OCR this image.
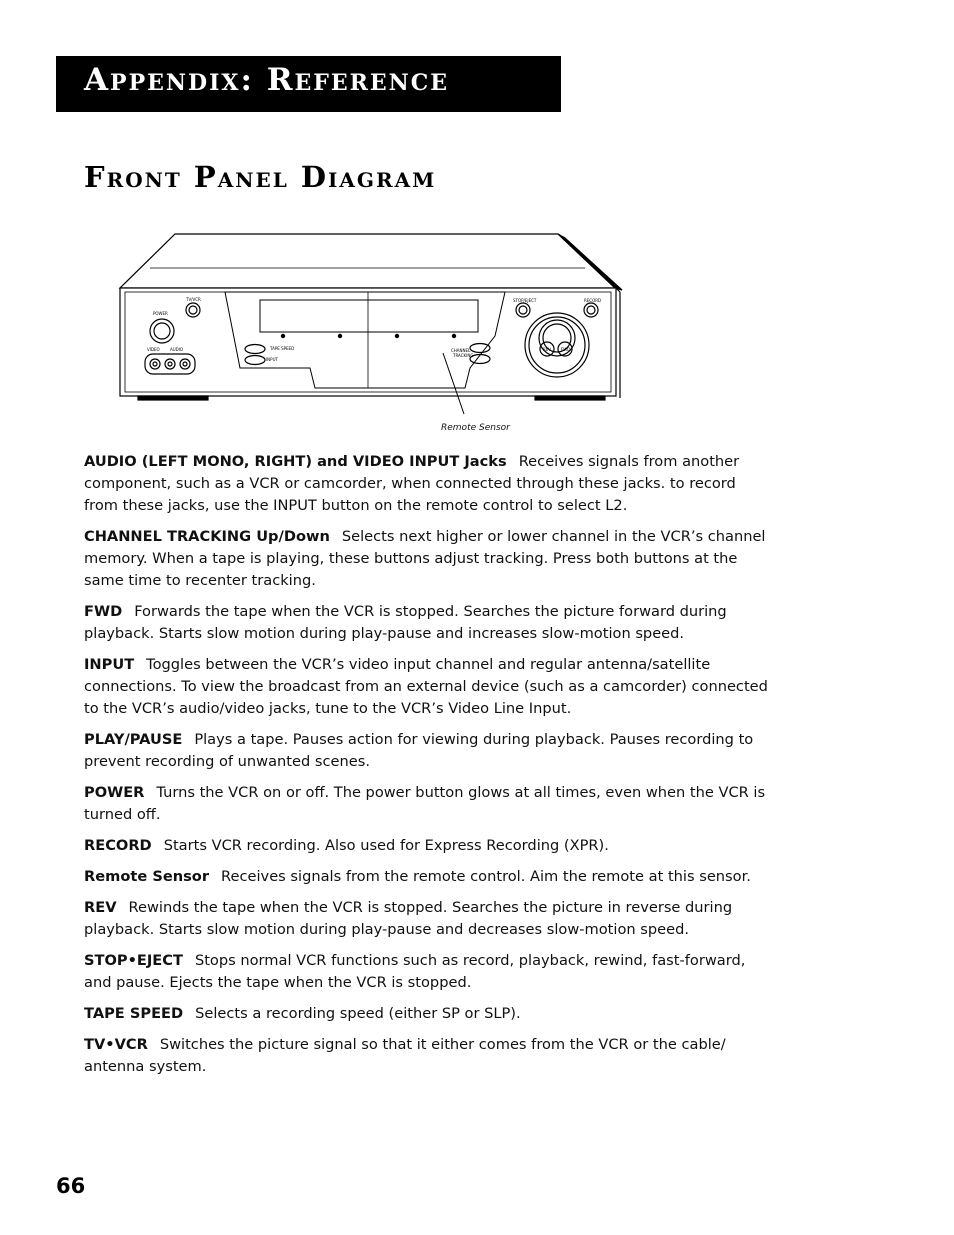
Appendix: Reference
Front Panel Diagram
TV/VCR
POWER
VIDEO	AUDIO	TAPE SPEED
INPUT
CHANNEL
TRACKING
STOP/EJECT	RECORD
REV FWD
Remote Sensor

AUDIO (LEFT MONO, RIGHT) and VIDEO INPUT Jacks Receives signals from another component, such as a VCR or camcorder, when connected through these jacks. to record from these jacks, use the INPUT button on the remote control to select L2.

CHANNEL TRACKING Up/Down Selects next higher or lower channel in the VCR’s channel memory. When a tape is playing, these buttons adjust tracking. Press both buttons at the same time to recenter tracking.

FWD Forwards the tape when the VCR is stopped. Searches the picture forward during playback. Starts slow motion during play-pause and increases slow-motion speed.

INPUT Toggles between the VCR’s video input channel and regular antenna/satellite connections. To view the broadcast from an external device (such as a camcorder) connected to the VCR’s audio/video jacks, tune to the VCR’s Video Line Input.

PLAY/PAUSE Plays a tape. Pauses action for viewing during playback. Pauses recording to prevent recording of unwanted scenes.

POWER Turns the VCR on or off. The power button glows at all times, even when the VCR is turned off.

RECORD Starts VCR recording. Also used for Express Recording (XPR).

Remote Sensor Receives signals from the remote control. Aim the remote at this sensor.

REV Rewinds the tape when the VCR is stopped. Searches the picture in reverse during playback. Starts slow motion during play-pause and decreases slow-motion speed.

STOP•EJECT Stops normal VCR functions such as record, playback, rewind, fast-forward, and pause. Ejects the tape when the VCR is stopped.

TAPE SPEED Selects a recording speed (either SP or SLP).

TV•VCR Switches the picture signal so that it either comes from the VCR or the cable/ antenna system.

66
